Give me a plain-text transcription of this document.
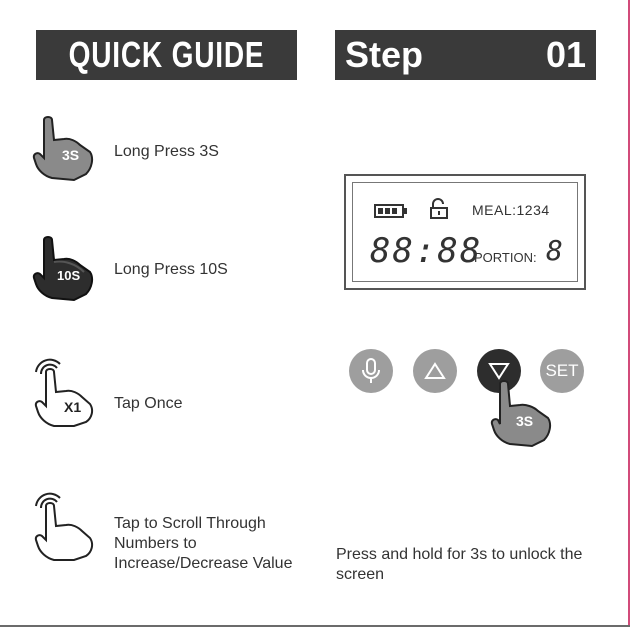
QUICK GUIDE Step	01
3S Long Press 3S
10S Long Press 10S
X1 Tap Once
Tap to Scroll Through Numbers to Increase/Decrease Value
MEAL:1234
88:88
PORTION: 8
SET
3S
Press and hold for 3s to unlock the screen
